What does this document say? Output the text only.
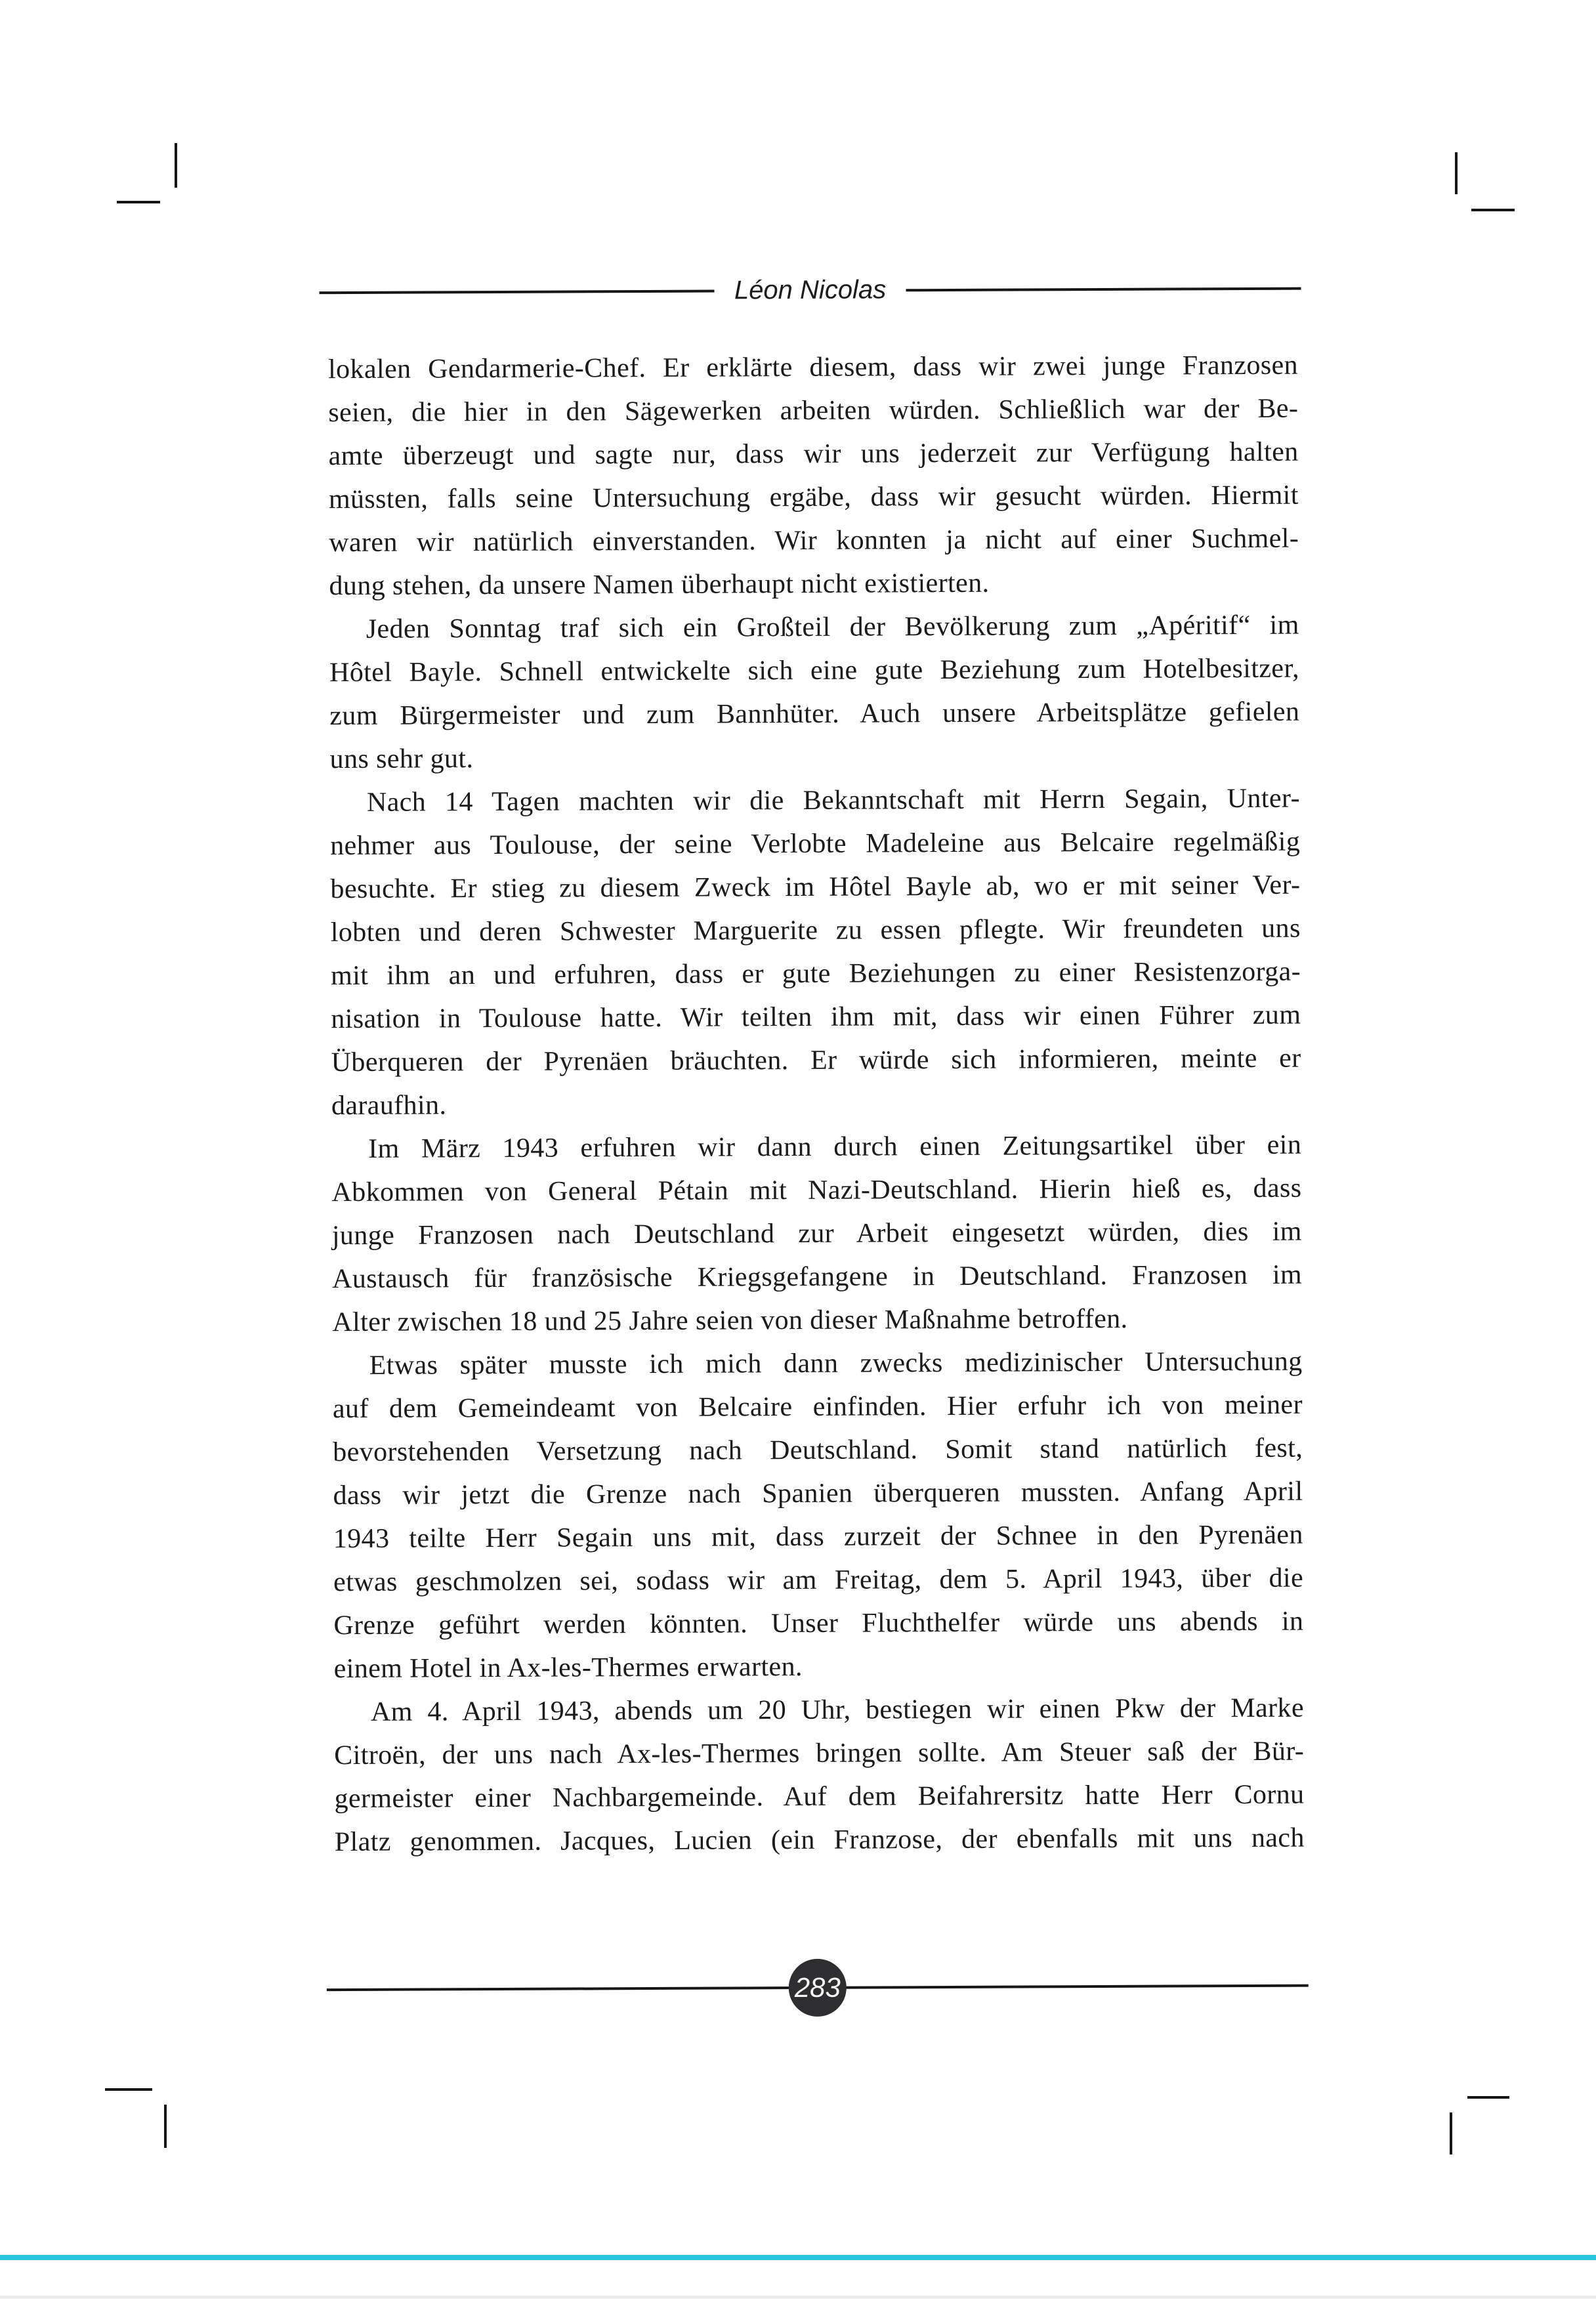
Léon Nicolas
lokalen Gendarmerie-Chef. Er erklärte diesem, dass wir zwei junge Franzosen
seien, die hier in den Sägewerken arbeiten würden. Schließlich war der Be-
amte überzeugt und sagte nur, dass wir uns jederzeit zur Verfügung halten
müssten, falls seine Untersuchung ergäbe, dass wir gesucht würden. Hiermit
waren wir natürlich einverstanden. Wir konnten ja nicht auf einer Suchmel-
dung stehen, da unsere Namen überhaupt nicht existierten.
Jeden Sonntag traf sich ein Großteil der Bevölkerung zum „Apéritif“ im
Hôtel Bayle. Schnell entwickelte sich eine gute Beziehung zum Hotelbesitzer,
zum Bürgermeister und zum Bannhüter. Auch unsere Arbeitsplätze gefielen
uns sehr gut.
Nach 14 Tagen machten wir die Bekanntschaft mit Herrn Segain, Unter-
nehmer aus Toulouse, der seine Verlobte Madeleine aus Belcaire regelmäßig
besuchte. Er stieg zu diesem Zweck im Hôtel Bayle ab, wo er mit seiner Ver-
lobten und deren Schwester Marguerite zu essen pflegte. Wir freundeten uns
mit ihm an und erfuhren, dass er gute Beziehungen zu einer Resistenzorga-
nisation in Toulouse hatte. Wir teilten ihm mit, dass wir einen Führer zum
Überqueren der Pyrenäen bräuchten. Er würde sich informieren, meinte er
daraufhin.
Im März 1943 erfuhren wir dann durch einen Zeitungsartikel über ein
Abkommen von General Pétain mit Nazi-Deutschland. Hierin hieß es, dass
junge Franzosen nach Deutschland zur Arbeit eingesetzt würden, dies im
Austausch für französische Kriegsgefangene in Deutschland. Franzosen im
Alter zwischen 18 und 25 Jahre seien von dieser Maßnahme betroffen.
Etwas später musste ich mich dann zwecks medizinischer Untersuchung
auf dem Gemeindeamt von Belcaire einfinden. Hier erfuhr ich von meiner
bevorstehenden Versetzung nach Deutschland. Somit stand natürlich fest,
dass wir jetzt die Grenze nach Spanien überqueren mussten. Anfang April
1943 teilte Herr Segain uns mit, dass zurzeit der Schnee in den Pyrenäen
etwas geschmolzen sei, sodass wir am Freitag, dem 5. April 1943, über die
Grenze geführt werden könnten. Unser Fluchthelfer würde uns abends in
einem Hotel in Ax-les-Thermes erwarten.
Am 4. April 1943, abends um 20 Uhr, bestiegen wir einen Pkw der Marke
Citroën, der uns nach Ax-les-Thermes bringen sollte. Am Steuer saß der Bür-
germeister einer Nachbargemeinde. Auf dem Beifahrersitz hatte Herr Cornu
Platz genommen. Jacques, Lucien (ein Franzose, der ebenfalls mit uns nach
283
